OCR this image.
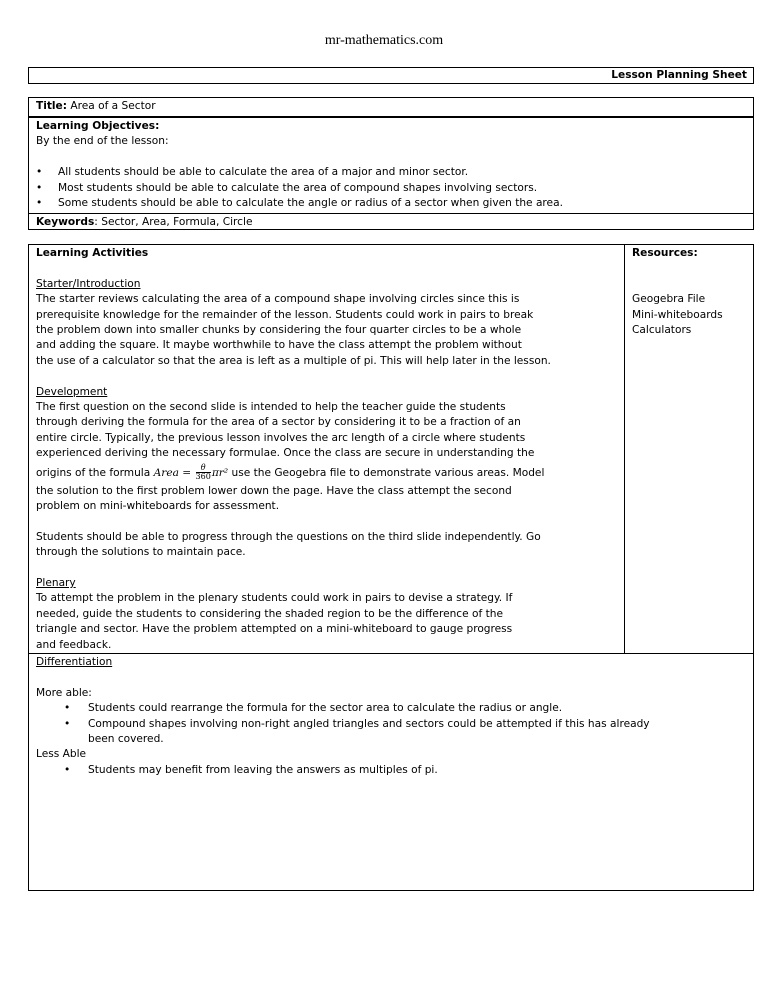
mr-mathematics.com
Lesson Planning Sheet
Title: Area of a Sector
Learning Objectives:
By the end of the lesson:
• All students should be able to calculate the area of a major and minor sector.
• Most students should be able to calculate the area of compound shapes involving sectors.
• Some students should be able to calculate the angle or radius of a sector when given the area.
Keywords: Sector, Area, Formula, Circle
Learning Activities
Starter/Introduction
The starter reviews calculating the area of a compound shape involving circles since this is
prerequisite knowledge for the remainder of the lesson. Students could work in pairs to break
the problem down into smaller chunks by considering the four quarter circles to be a whole
and adding the square. It maybe worthwhile to have the class attempt the problem without
the use of a calculator so that the area is left as a multiple of pi. This will help later in the lesson.
Development
The first question on the second slide is intended to help the teacher guide the students
through deriving the formula for the area of a sector by considering it to be a fraction of an
entire circle. Typically, the previous lesson involves the arc length of a circle where students
experienced deriving the necessary formulae. Once the class are secure in understanding the
origins of the formula Area = $\frac{\theta}{360} \pi r^2$ use the Geogebra file to demonstrate various areas. Model
the solution to the first problem lower down the page. Have the class attempt the second
problem on mini-whiteboards for assessment.
Students should be able to progress through the questions on the third slide independently. Go
through the solutions to maintain pace.
Plenary
To attempt the problem in the plenary students could work in pairs to devise a strategy. If
needed, guide the students to considering the shaded region to be the difference of the
triangle and sector. Have the problem attempted on a mini-whiteboard to gauge progress
and feedback.
Resources:
Geogebra File
Mini-whiteboards
Calculators
Differentiation
More able:
• Students could rearrange the formula for the sector area to calculate the radius or angle.
• Compound shapes involving non-right angled triangles and sectors could be attempted if this has already
been covered.
Less Able
• Students may benefit from leaving the answers as multiples of pi.
